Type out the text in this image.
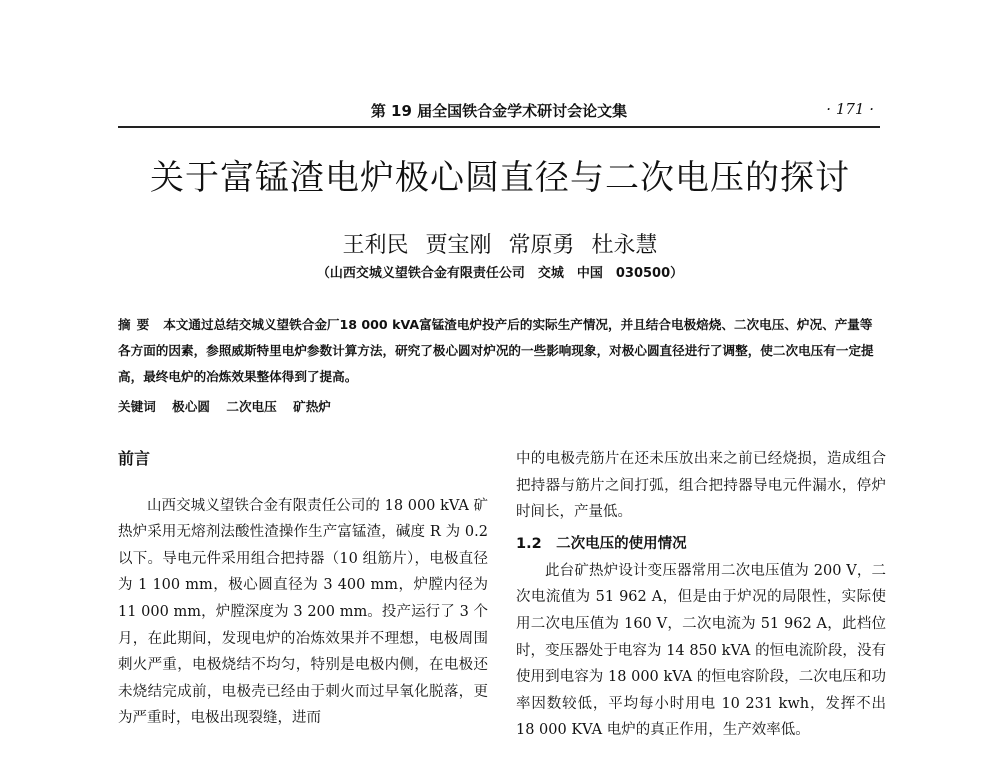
第 19 届全国铁合金学术研讨会论文集	· 171 ·
关于富锰渣电炉极心圆直径与二次电压的探讨
王利民 贾宝刚 常原勇 杜永慧
（山西交城义望铁合金有限责任公司　交城　中国　030500）
摘要 本文通过总结交城义望铁合金厂18 000 kVA富锰渣电炉投产后的实际生产情况，并且结合电极焙烧、二次电压、炉况、产量等各方面的因素，参照威斯特里电炉参数计算方法，研究了极心圆对炉况的一些影响现象，对极心圆直径进行了调整，使二次电压有一定提高，最终电炉的冶炼效果整体得到了提高。
关键词 极心圆 二次电压 矿热炉
前言

山西交城义望铁合金有限责任公司的 18 000 kVA 矿热炉采用无熔剂法酸性渣操作生产富锰渣，碱度 R 为 0.2 以下。导电元件采用组合把持器（10 组筋片），电极直径为 1 100 mm，极心圆直径为 3 400 mm，炉膛内径为 11 000 mm，炉膛深度为 3 200 mm。投产运行了 3 个月，在此期间，发现电炉的冶炼效果并不理想，电极周围刺火严重，电极烧结不均匀，特别是电极内侧，在电极还未烧结完成前，电极壳已经由于刺火而过早氧化脱落，更为严重时，电极出现裂缝，进而

中的电极壳筋片在还未压放出来之前已经烧损，造成组合把持器与筋片之间打弧，组合把持器导电元件漏水，停炉时间长，产量低。

1.2　二次电压的使用情况

此台矿热炉设计变压器常用二次电压值为 200 V，二次电流值为 51 962 A，但是由于炉况的局限性，实际使用二次电压值为 160 V，二次电流为 51 962 A，此档位时，变压器处于电容为 14 850 kVA 的恒电流阶段，没有使用到电容为 18 000 kVA 的恒电容阶段，二次电压和功率因数较低，平均每小时用电 10 231 kwh，发挥不出 18 000 KVA 电炉的真正作用，生产效率低。
